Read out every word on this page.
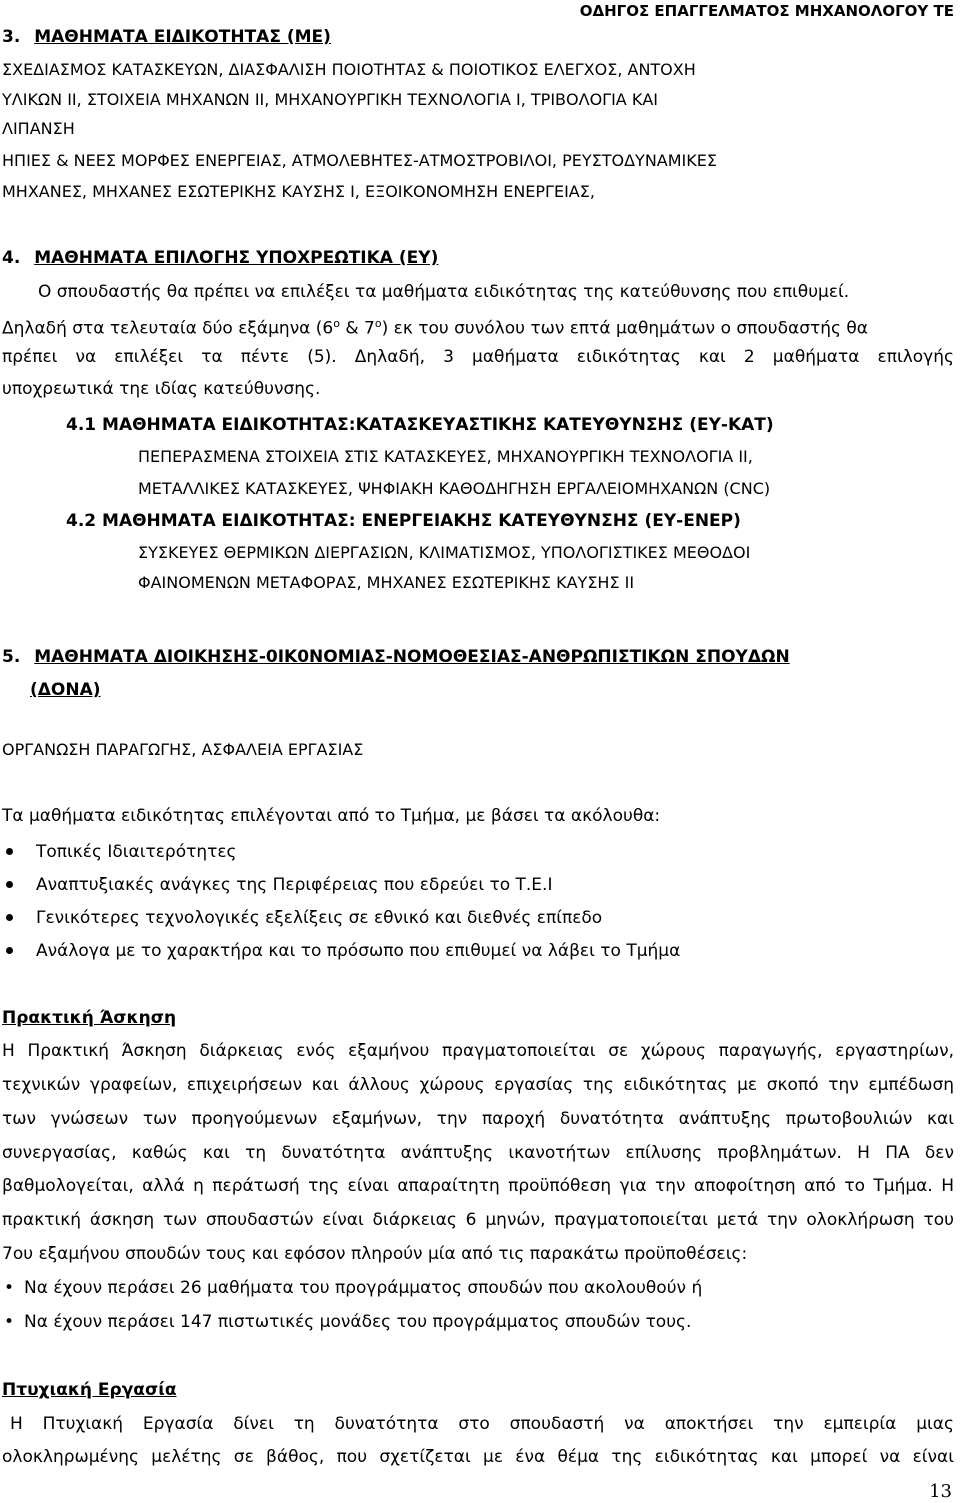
ΟΔΗΓΟΣ ΕΠΑΓΓΕΛΜΑΤΟΣ ΜΗΧΑΝΟΛΟΓΟΥ ΤΕ
3. ΜΑΘΗΜΑΤΑ ΕΙΔΙΚΟΤΗΤΑΣ (ΜΕ)
ΣΧΕΔΙΑΣΜΟΣ ΚΑΤΑΣΚΕΥΩΝ, ΔΙΑΣΦΑΛΙΣΗ ΠΟΙΟΤΗΤΑΣ & ΠΟΙΟΤΙΚΟΣ ΕΛΕΓΧΟΣ, ΑΝΤΟΧΗ
ΥΛΙΚΩΝ ΙΙ, ΣΤΟΙΧΕΙΑ ΜΗΧΑΝΩΝ ΙΙ, ΜΗΧΑΝΟΥΡΓΙΚΗ ΤΕΧΝΟΛΟΓΙΑ Ι, ΤΡΙΒΟΛΟΓΙΑ ΚΑΙ
ΛΙΠΑΝΣΗ
ΗΠΙΕΣ & ΝΕΕΣ ΜΟΡΦΕΣ ΕΝΕΡΓΕΙΑΣ, ΑΤΜΟΛΕΒΗΤΕΣ-ΑΤΜΟΣΤΡΟΒΙΛΟΙ, ΡΕΥΣΤΟΔΥΝΑΜΙΚΕΣ
ΜΗΧΑΝΕΣ, ΜΗΧΑΝΕΣ ΕΣΩΤΕΡΙΚΗΣ ΚΑΥΣΗΣ Ι, ΕΞΟΙΚΟΝΟΜΗΣΗ ΕΝΕΡΓΕΙΑΣ,
4. ΜΑΘΗΜΑΤΑ ΕΠΙΛΟΓΗΣ ΥΠΟΧΡΕΩΤΙΚΑ (ΕΥ)
Ο σπουδαστής θα πρέπει να επιλέξει τα μαθήματα ειδικότητας της κατεύθυνσης που επιθυμεί.
Δηλαδή στα τελευταία δύο εξάμηνα ($6^o$ & $7^o$) εκ του συνόλου των επτά μαθημάτων ο σπουδαστής θα
πρέπει να επιλέξει τα πέντε (5). Δηλαδή, 3 μαθήματα ειδικότητας και 2 μαθήματα επιλογής
υποχρεωτικά τηε ιδίας κατεύθυνσης.
4.1 ΜΑΘΗΜΑΤΑ ΕΙΔΙΚΟΤΗΤΑΣ:ΚΑΤΑΣΚΕΥΑΣΤΙΚΗΣ ΚΑΤΕΥΘΥΝΣΗΣ (ΕΥ-ΚΑΤ)
ΠΕΠΕΡΑΣΜΕΝΑ ΣΤΟΙΧΕΙΑ ΣΤΙΣ ΚΑΤΑΣΚΕΥΕΣ, ΜΗΧΑΝΟΥΡΓΙΚΗ ΤΕΧΝΟΛΟΓΙΑ ΙΙ,
ΜΕΤΑΛΛΙΚΕΣ ΚΑΤΑΣΚΕΥΕΣ, ΨΗΦΙΑΚΗ ΚΑΘΟΔΗΓΗΣΗ ΕΡΓΑΛΕΙΟΜΗΧΑΝΩΝ (CNC)
4.2 ΜΑΘΗΜΑΤΑ ΕΙΔΙΚΟΤΗΤΑΣ: ΕΝΕΡΓΕΙΑΚΗΣ ΚΑΤΕΥΘΥΝΣΗΣ (ΕΥ-ΕΝΕΡ)
ΣΥΣΚΕΥΕΣ ΘΕΡΜΙΚΩΝ ΔΙΕΡΓΑΣΙΩΝ, ΚΛΙΜΑΤΙΣΜΟΣ, ΥΠΟΛΟΓΙΣΤΙΚΕΣ ΜΕΘΟΔΟΙ
ΦΑΙΝΟΜΕΝΩΝ ΜΕΤΑΦΟΡΑΣ, ΜΗΧΑΝΕΣ ΕΣΩΤΕΡΙΚΗΣ ΚΑΥΣΗΣ ΙΙ
5. ΜΑΘΗΜΑΤΑ ΔΙΟΙΚΗΣΗΣ-0ΙΚ0ΝΟΜΙΑΣ-ΝΟΜΟΘΕΣΙΑΣ-ΑΝΘΡΩΠΙΣΤΙΚΩΝ ΣΠΟΥΔΩΝ
(ΔΟΝΑ)
ΟΡΓΑΝΩΣΗ ΠΑΡΑΓΩΓΗΣ, ΑΣΦΑΛΕΙΑ ΕΡΓΑΣΙΑΣ
Τα μαθήματα ειδικότητας επιλέγονται από το Τμήμα, με βάσει τα ακόλουθα:
Τοπικές Ιδιαιτερότητες
Αναπτυξιακές ανάγκες της Περιφέρειας που εδρεύει το Τ.Ε.Ι
Γενικότερες τεχνολογικές εξελίξεις σε εθνικό και διεθνές επίπεδο
Ανάλογα με το χαρακτήρα και το πρόσωπο που επιθυμεί να λάβει το Τμήμα
Πρακτική Άσκηση
Η Πρακτική Άσκηση διάρκειας ενός εξαμήνου πραγματοποιείται σε χώρους παραγωγής, εργαστηρίων,
τεχνικών γραφείων, επιχειρήσεων και άλλους χώρους εργασίας της ειδικότητας με σκοπό την εμπέδωση
των γνώσεων των προηγούμενων εξαμήνων, την παροχή δυνατότητα ανάπτυξης πρωτοβουλιών και
συνεργασίας, καθώς και τη δυνατότητα ανάπτυξης ικανοτήτων επίλυσης προβλημάτων. Η ΠΑ δεν
βαθμολογείται, αλλά η περάτωσή της είναι απαραίτητη προϋπόθεση για την αποφοίτηση από το Τμήμα. Η
πρακτική άσκηση των σπουδαστών είναι διάρκειας 6 μηνών, πραγματοποιείται μετά την ολοκλήρωση του
7ου εξαμήνου σπουδών τους και εφόσον πληρούν μία από τις παρακάτω προϋποθέσεις:
• Να έχουν περάσει 26 μαθήματα του προγράμματος σπουδών που ακολουθούν ή
• Να έχουν περάσει 147 πιστωτικές μονάδες του προγράμματος σπουδών τους.
Πτυχιακή Εργασία
Η Πτυχιακή Εργασία δίνει τη δυνατότητα στο σπουδαστή να αποκτήσει την εμπειρία μιας
ολοκληρωμένης μελέτης σε βάθος, που σχετίζεται με ένα θέμα της ειδικότητας και μπορεί να είναι
13
